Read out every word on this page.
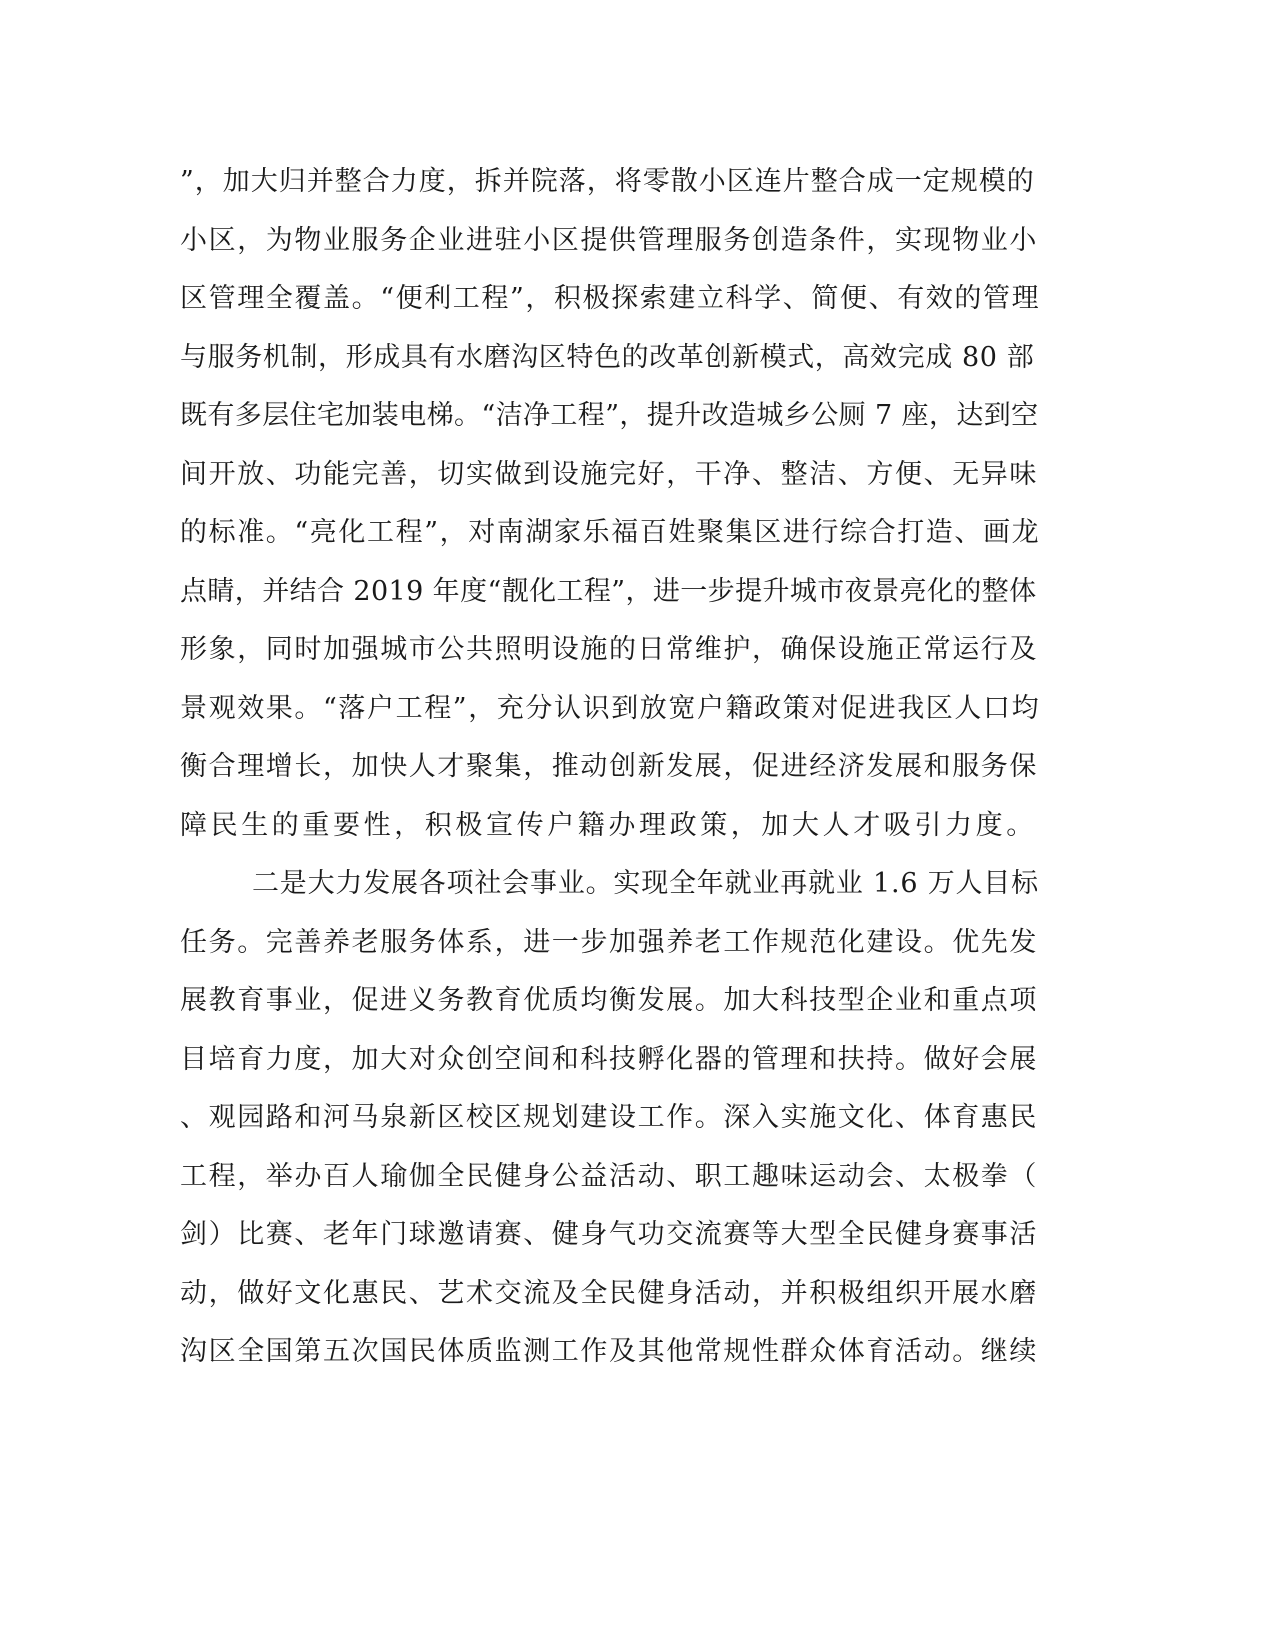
”，加大归并整合力度，拆并院落，将零散小区连片整合成一定规模的
小区，为物业服务企业进驻小区提供管理服务创造条件，实现物业小
区管理全覆盖。“便利工程”，积极探索建立科学、简便、有效的管理
与服务机制，形成具有水磨沟区特色的改革创新模式，高效完成 80 部
既有多层住宅加装电梯。“洁净工程”，提升改造城乡公厕 7 座，达到空
间开放、功能完善，切实做到设施完好，干净、整洁、方便、无异味
的标准。“亮化工程”，对南湖家乐福百姓聚集区进行综合打造、画龙
点睛，并结合 2019 年度“靓化工程”，进一步提升城市夜景亮化的整体
形象，同时加强城市公共照明设施的日常维护，确保设施正常运行及
景观效果。“落户工程”，充分认识到放宽户籍政策对促进我区人口均
衡合理增长，加快人才聚集，推动创新发展，促进经济发展和服务保
障民生的重要性，积极宣传户籍办理政策，加大人才吸引力度。
二是大力发展各项社会事业。实现全年就业再就业 1.6 万人目标
任务。完善养老服务体系，进一步加强养老工作规范化建设。优先发
展教育事业，促进义务教育优质均衡发展。加大科技型企业和重点项
目培育力度，加大对众创空间和科技孵化器的管理和扶持。做好会展
、观园路和河马泉新区校区规划建设工作。深入实施文化、体育惠民
工程，举办百人瑜伽全民健身公益活动、职工趣味运动会、太极拳（
剑）比赛、老年门球邀请赛、健身气功交流赛等大型全民健身赛事活
动，做好文化惠民、艺术交流及全民健身活动，并积极组织开展水磨
沟区全国第五次国民体质监测工作及其他常规性群众体育活动。继续
